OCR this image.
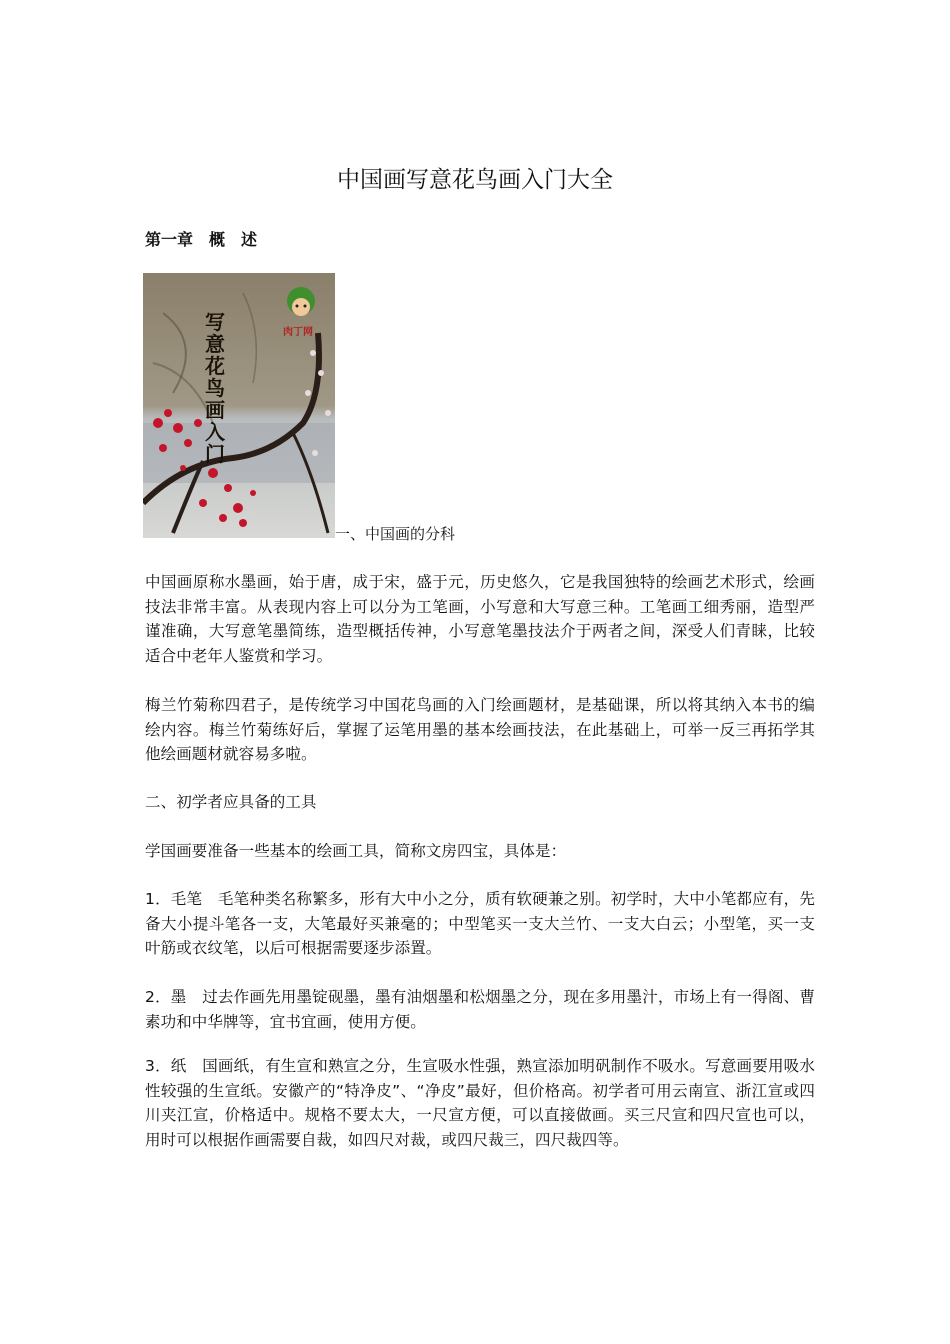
中国画写意花鸟画入门大全
第一章　概　述
写意花鸟画入门
肉丁网

一、中国画的分科

中国画原称水墨画，始于唐，成于宋，盛于元，历史悠久，它是我国独特的绘画艺术形式，绘画技法非常丰富。从表现内容上可以分为工笔画，小写意和大写意三种。工笔画工细秀丽，造型严谨准确，大写意笔墨简练，造型概括传神，小写意笔墨技法介于两者之间，深受人们青睐，比较适合中老年人鉴赏和学习。

梅兰竹菊称四君子，是传统学习中国花鸟画的入门绘画题材，是基础课，所以将其纳入本书的编绘内容。梅兰竹菊练好后，掌握了运笔用墨的基本绘画技法，在此基础上，可举一反三再拓学其他绘画题材就容易多啦。

二、初学者应具备的工具

学国画要准备一些基本的绘画工具，简称文房四宝，具体是：

1．毛笔　毛笔种类名称繁多，形有大中小之分，质有软硬兼之别。初学时，大中小笔都应有，先备大小提斗笔各一支，大笔最好买兼毫的；中型笔买一支大兰竹、一支大白云；小型笔，买一支叶筋或衣纹笔，以后可根据需要逐步添置。

2．墨　过去作画先用墨锭砚墨，墨有油烟墨和松烟墨之分，现在多用墨汁，市场上有一得阁、曹素功和中华牌等，宜书宜画，使用方便。

3．纸　国画纸，有生宣和熟宣之分，生宣吸水性强，熟宣添加明矾制作不吸水。写意画要用吸水性较强的生宣纸。安徽产的“特净皮”、“净皮”最好，但价格高。初学者可用云南宣、浙江宣或四川夹江宣，价格适中。规格不要太大，一尺宣方便，可以直接做画。买三尺宣和四尺宣也可以，用时可以根据作画需要自裁，如四尺对裁，或四尺裁三，四尺裁四等。
